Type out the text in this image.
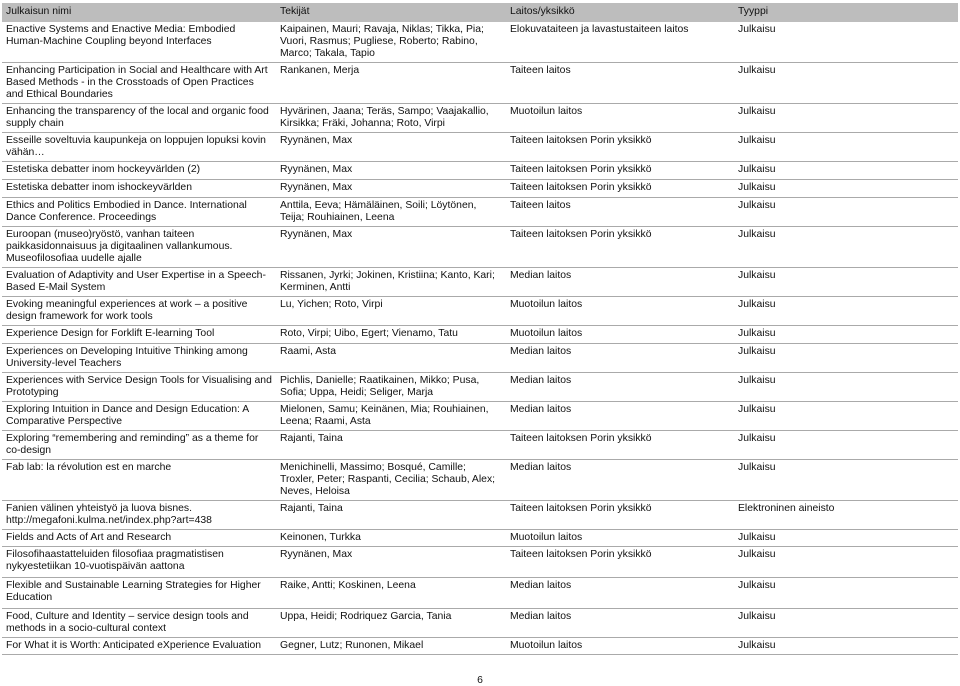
Julkaisun nimi	Tekijät	Laitos/yksikkö	Tyyppi
Enactive Systems and Enactive Media: Embodied Human-Machine Coupling beyond Interfaces	Kaipainen, Mauri; Ravaja, Niklas; Tikka, Pia; Vuori, Rasmus; Pugliese, Roberto; Rabino, Marco; Takala, Tapio	Elokuvataiteen ja lavastustaiteen laitos	Julkaisu
Enhancing Participation in Social and Healthcare with Art Based Methods - in the Crosstoads of Open Practices and Ethical Boundaries	Rankanen, Merja	Taiteen laitos	Julkaisu
Enhancing the transparency of the local and organic food supply chain	Hyvärinen, Jaana; Teräs, Sampo; Vaajakallio, Kirsikka; Fräki, Johanna; Roto, Virpi	Muotoilun laitos	Julkaisu
Esseille soveltuvia kaupunkeja on loppujen lopuksi kovin vähän…	Ryynänen, Max	Taiteen laitoksen Porin yksikkö	Julkaisu
Estetiska debatter inom hockeyvärlden (2)	Ryynänen, Max	Taiteen laitoksen Porin yksikkö	Julkaisu
Estetiska debatter inom ishockeyvärlden	Ryynänen, Max	Taiteen laitoksen Porin yksikkö	Julkaisu
Ethics and Politics Embodied in Dance. International Dance Conference. Proceedings	Anttila, Eeva; Hämäläinen, Soili; Löytönen, Teija; Rouhiainen, Leena	Taiteen laitos	Julkaisu
Euroopan (museo)ryöstö, vanhan taiteen paikkasidonnaisuus ja digitaalinen vallankumous. Museofilosofiaa uudelle ajalle	Ryynänen, Max	Taiteen laitoksen Porin yksikkö	Julkaisu
Evaluation of Adaptivity and User Expertise in a Speech-Based E-Mail System	Rissanen, Jyrki; Jokinen, Kristiina; Kanto, Kari; Kerminen, Antti	Median laitos	Julkaisu
Evoking meaningful experiences at work – a positive design framework for work tools	Lu, Yichen; Roto, Virpi	Muotoilun laitos	Julkaisu
Experience Design for Forklift E-learning Tool	Roto, Virpi; Uibo, Egert; Vienamo, Tatu	Muotoilun laitos	Julkaisu
Experiences on Developing Intuitive Thinking among University-level Teachers	Raami, Asta	Median laitos	Julkaisu
Experiences with Service Design Tools for Visualising and Prototyping	Pichlis, Danielle; Raatikainen, Mikko; Pusa, Sofia; Uppa, Heidi; Seliger, Marja	Median laitos	Julkaisu
Exploring Intuition in Dance and Design Education: A Comparative Perspective	Mielonen, Samu; Keinänen, Mia; Rouhiainen, Leena; Raami, Asta	Median laitos	Julkaisu
Exploring “remembering and reminding” as a theme for co-design	Rajanti, Taina	Taiteen laitoksen Porin yksikkö	Julkaisu
Fab lab: la révolution est en marche	Menichinelli, Massimo; Bosqué, Camille; Troxler, Peter; Raspanti, Cecilia; Schaub, Alex; Neves, Heloisa	Median laitos	Julkaisu
Fanien välinen yhteistyö ja luova bisnes. http://megafoni.kulma.net/index.php?art=438	Rajanti, Taina	Taiteen laitoksen Porin yksikkö	Elektroninen aineisto
Fields and Acts of Art and Research	Keinonen, Turkka	Muotoilun laitos	Julkaisu
Filosofihaastatteluiden filosofiaa pragmatistisen nykyestetiikan 10-vuotispäivän aattona	Ryynänen, Max	Taiteen laitoksen Porin yksikkö	Julkaisu
Flexible and Sustainable Learning Strategies for Higher Education	Raike, Antti; Koskinen, Leena	Median laitos	Julkaisu
Food, Culture and Identity – service design tools and methods in a socio-cultural context	Uppa, Heidi; Rodriquez Garcia, Tania	Median laitos	Julkaisu
For What it is Worth: Anticipated eXperience Evaluation	Gegner, Lutz; Runonen, Mikael	Muotoilun laitos	Julkaisu
6
